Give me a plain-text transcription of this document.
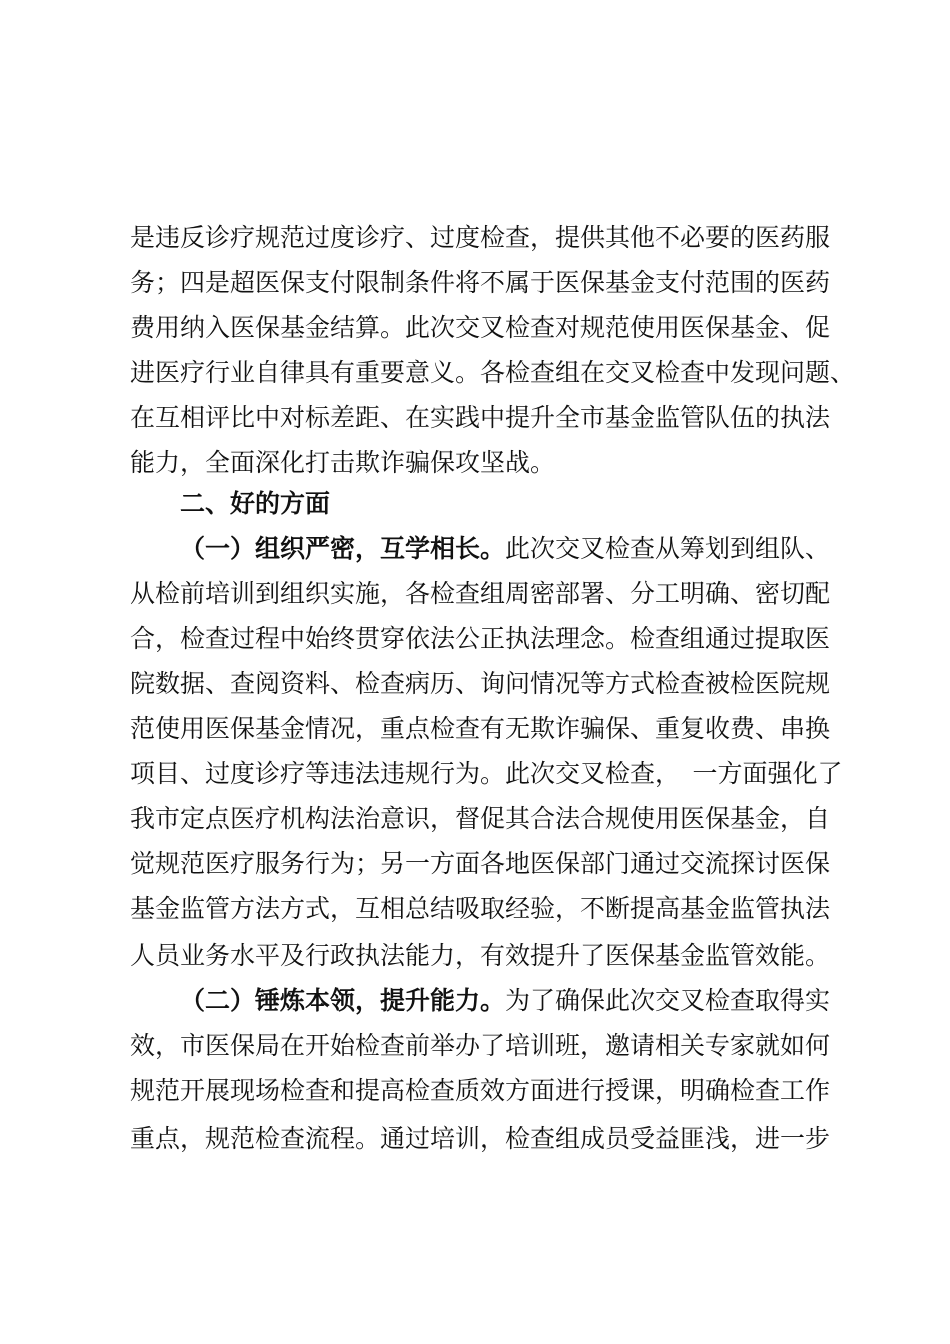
是违反诊疗规范过度诊疗、过度检查，提供其他不必要的医药服
务；四是超医保支付限制条件将不属于医保基金支付范围的医药
费用纳入医保基金结算。此次交叉检查对规范使用医保基金、促
进医疗行业自律具有重要意义。各检查组在交叉检查中发现问题、
在互相评比中对标差距、在实践中提升全市基金监管队伍的执法
能力，全面深化打击欺诈骗保攻坚战。
二、好的方面
（一）组织严密，互学相长。此次交叉检查从筹划到组队、
从检前培训到组织实施，各检查组周密部署、分工明确、密切配
合，检查过程中始终贯穿依法公正执法理念。检查组通过提取医
院数据、查阅资料、检查病历、询问情况等方式检查被检医院规
范使用医保基金情况，重点检查有无欺诈骗保、重复收费、串换
项目、过度诊疗等违法违规行为。此次交叉检查，　一方面强化了
我市定点医疗机构法治意识，督促其合法合规使用医保基金，自
觉规范医疗服务行为；另一方面各地医保部门通过交流探讨医保
基金监管方法方式，互相总结吸取经验，不断提高基金监管执法
人员业务水平及行政执法能力，有效提升了医保基金监管效能。
（二）锤炼本领，提升能力。为了确保此次交叉检查取得实
效，市医保局在开始检查前举办了培训班，邀请相关专家就如何
规范开展现场检查和提高检查质效方面进行授课，明确检查工作
重点，规范检查流程。通过培训，检查组成员受益匪浅，进一步
